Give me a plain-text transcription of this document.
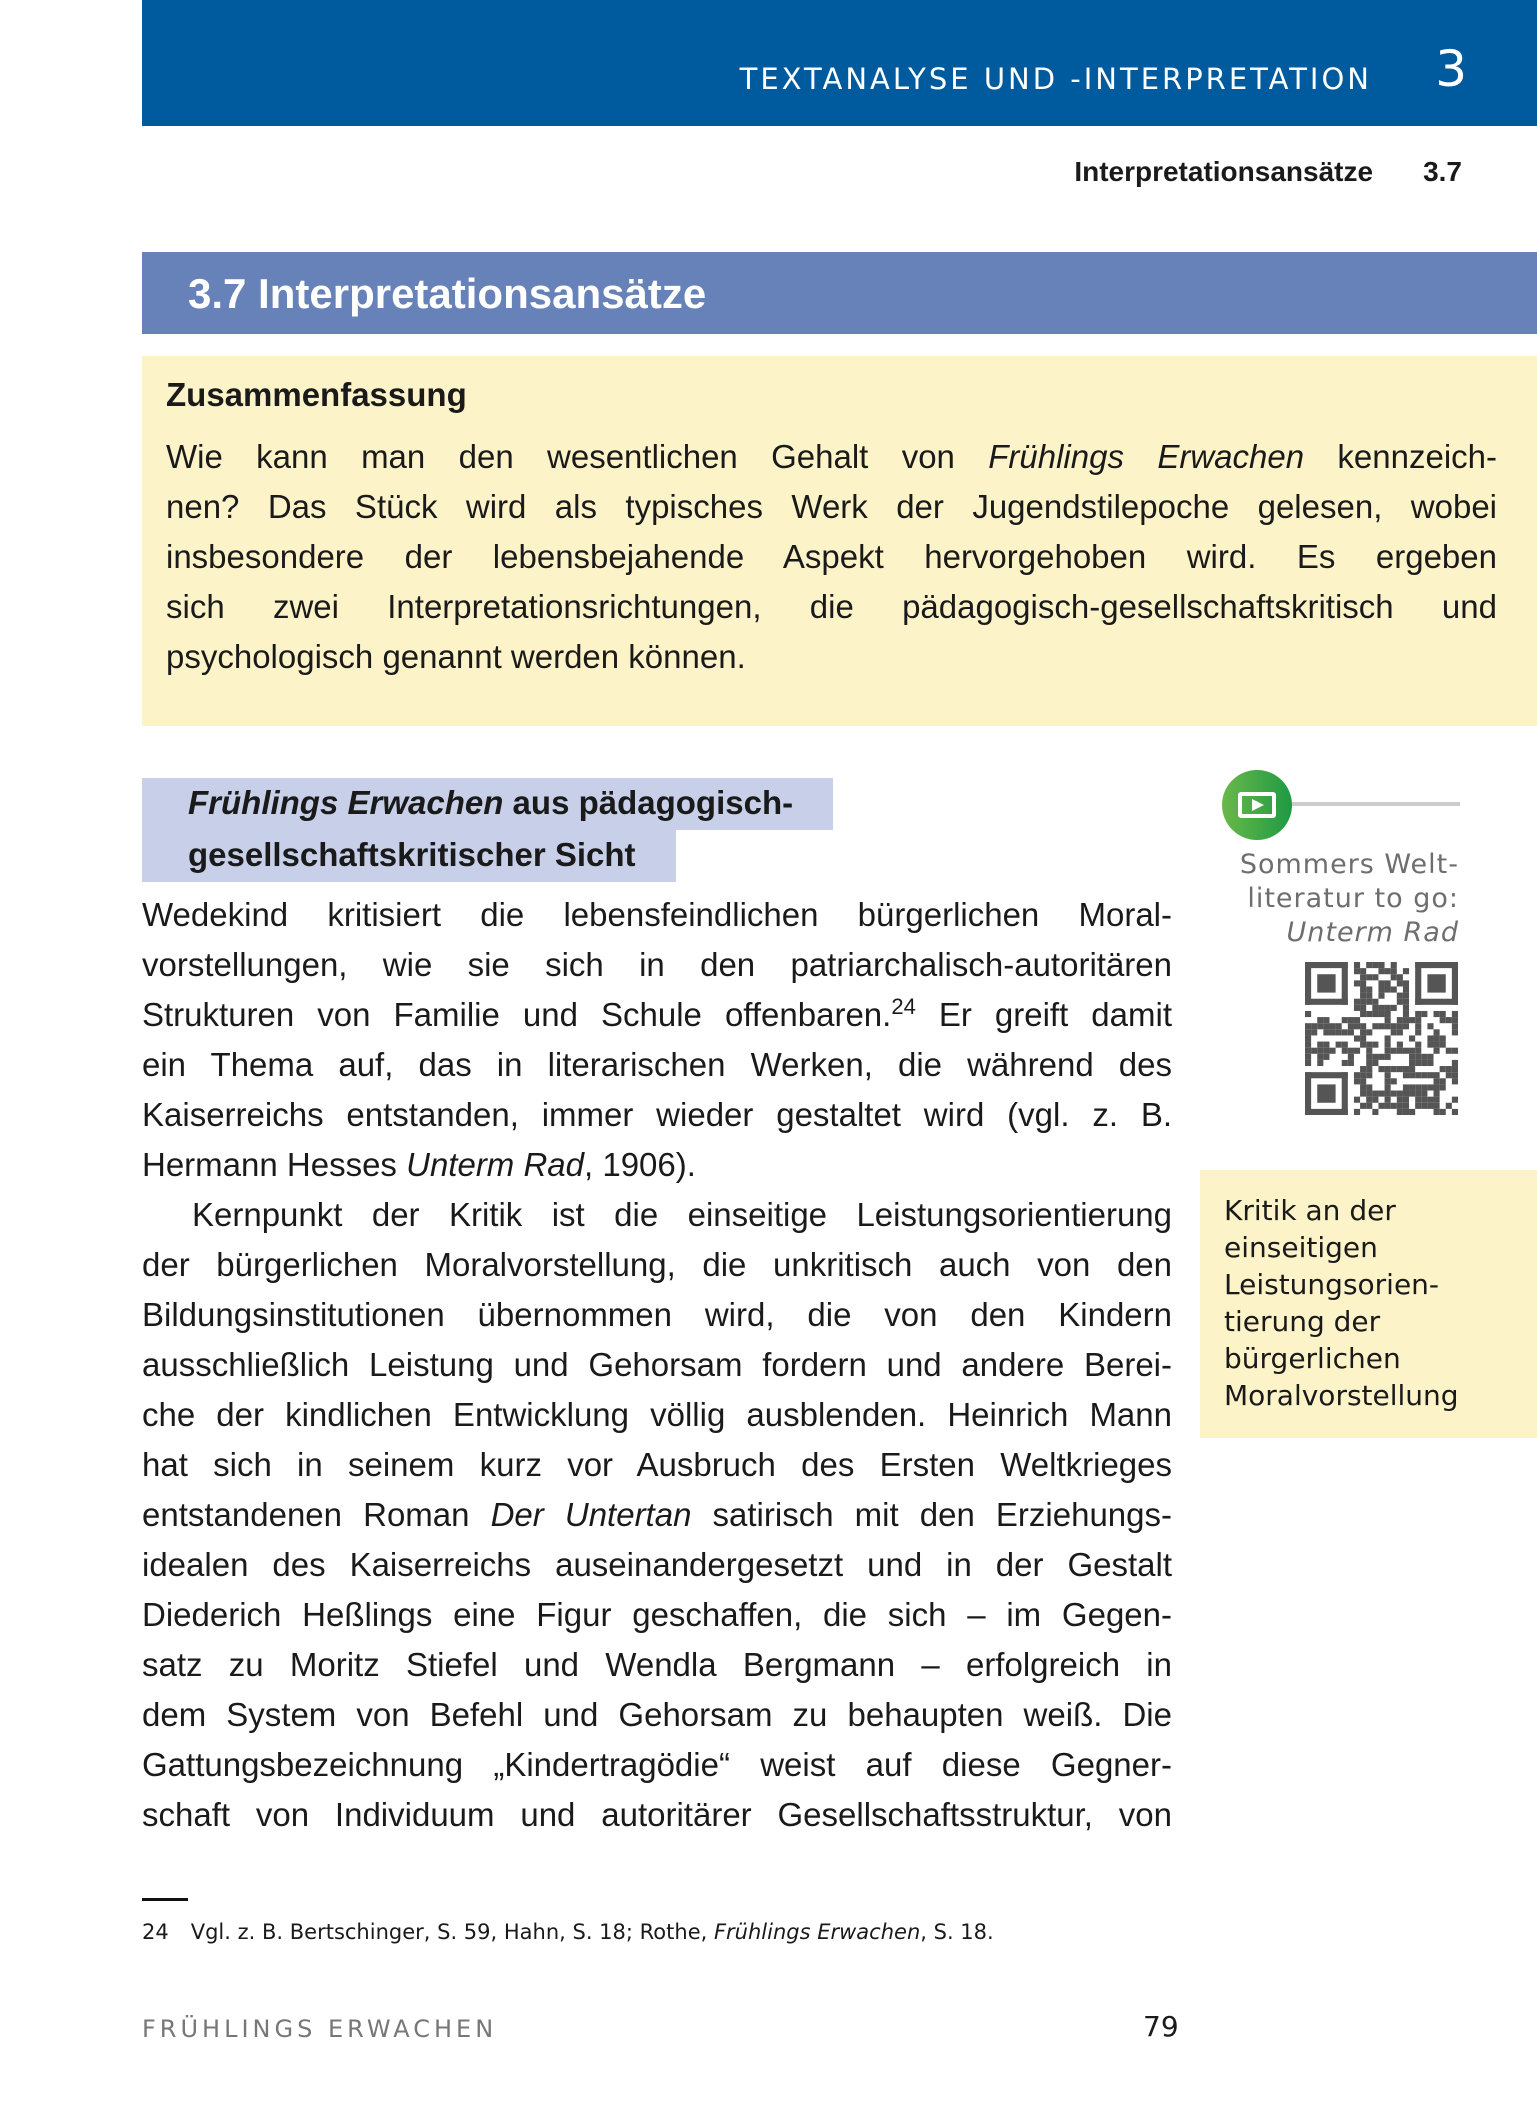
TEXTANALYSE UND -INTERPRETATION 3
Interpretationsansätze 3.7
3.7 Interpretationsansätze
Zusammenfassung
Wie kann man den wesentlichen Gehalt von Frühlings Erwachen kennzeich-
nen? Das Stück wird als typisches Werk der Jugendstilepoche gelesen, wobei
insbesondere der lebensbejahende Aspekt hervorgehoben wird. Es ergeben
sich zwei Interpretationsrichtungen, die pädagogisch-gesellschaftskritisch und
psychologisch genannt werden können.
Frühlings Erwachen aus pädagogisch-
gesellschaftskritischer Sicht
Wedekind kritisiert die lebensfeindlichen bürgerlichen Moral-
vorstellungen, wie sie sich in den patriarchalisch-autoritären
Strukturen von Familie und Schule offenbaren.$^{24}$ Er greift damit
ein Thema auf, das in literarischen Werken, die während des
Kaiserreichs entstanden, immer wieder gestaltet wird (vgl. z. B.
Hermann Hesses Unterm Rad, 1906).
Kernpunkt der Kritik ist die einseitige Leistungsorientierung
der bürgerlichen Moralvorstellung, die unkritisch auch von den
Bildungsinstitutionen übernommen wird, die von den Kindern
ausschließlich Leistung und Gehorsam fordern und andere Berei-
che der kindlichen Entwicklung völlig ausblenden. Heinrich Mann
hat sich in seinem kurz vor Ausbruch des Ersten Weltkrieges
entstandenen Roman Der Untertan satirisch mit den Erziehungs-
idealen des Kaiserreichs auseinandergesetzt und in der Gestalt
Diederich Heßlings eine Figur geschaffen, die sich – im Gegen-
satz zu Moritz Stiefel und Wendla Bergmann – erfolgreich in
dem System von Befehl und Gehorsam zu behaupten weiß. Die
Gattungsbezeichnung „Kindertragödie“ weist auf diese Gegner-
schaft von Individuum und autoritärer Gesellschaftsstruktur, von
Sommers Welt-
literatur to go:
Unterm Rad
Kritik an der
einseitigen
Leistungsorien-
tierung der
bürgerlichen
Moralvorstellung
24 Vgl. z. B. Bertschinger, S. 59, Hahn, S. 18; Rothe, Frühlings Erwachen, S. 18.
FRÜHLINGS ERWACHEN	79
